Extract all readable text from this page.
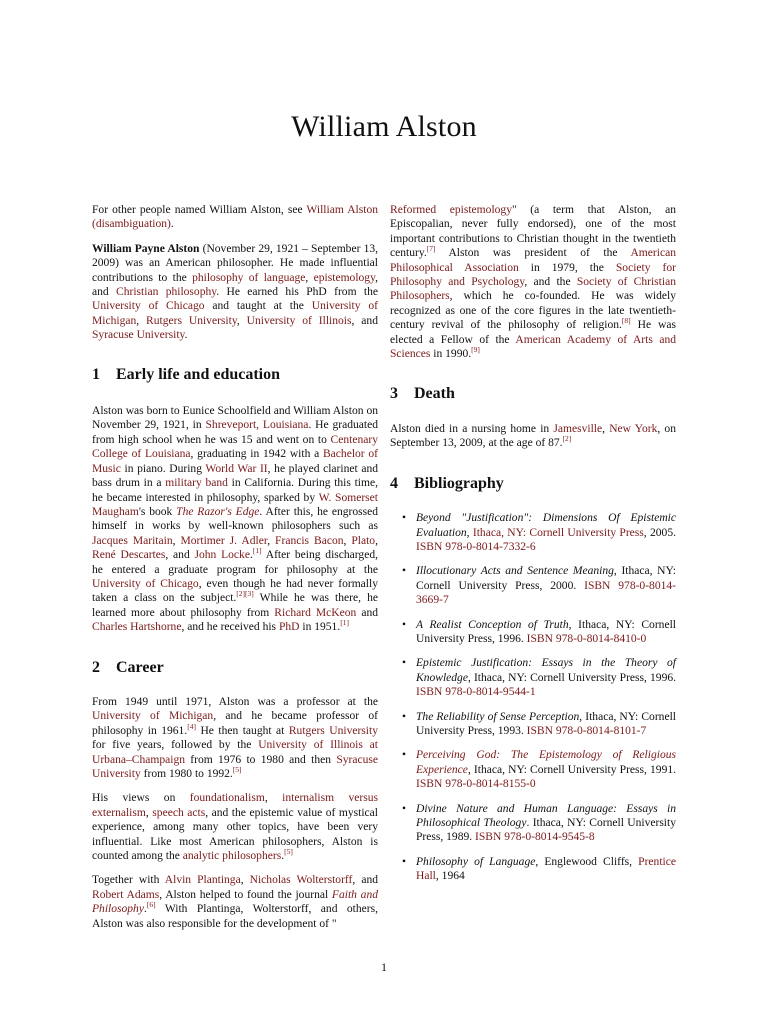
William Alston

For other people named William Alston, see William Alston (disambiguation).

William Payne Alston (November 29, 1921 – September 13, 2009) was an American philosopher. He made influential contributions to the philosophy of language, epistemology, and Christian philosophy. He earned his PhD from the University of Chicago and taught at the University of Michigan, Rutgers University, University of Illinois, and Syracuse University.

1 Early life and education

Alston was born to Eunice Schoolfield and William Alston on November 29, 1921, in Shreveport, Louisiana. He graduated from high school when he was 15 and went on to Centenary College of Louisiana, graduating in 1942 with a Bachelor of Music in piano. During World War II, he played clarinet and bass drum in a military band in California. During this time, he became interested in philosophy, sparked by W. Somerset Maugham's book The Razor's Edge. After this, he engrossed himself in works by well-known philosophers such as Jacques Maritain, Mortimer J. Adler, Francis Bacon, Plato, René Descartes, and John Locke.[1] After being discharged, he entered a graduate program for philosophy at the University of Chicago, even though he had never formally taken a class on the subject.[2][3] While he was there, he learned more about philosophy from Richard McKeon and Charles Hartshorne, and he received his PhD in 1951.[1]

2 Career

From 1949 until 1971, Alston was a professor at the University of Michigan, and he became professor of philosophy in 1961.[4] He then taught at Rutgers University for five years, followed by the University of Illinois at Urbana–Champaign from 1976 to 1980 and then Syracuse University from 1980 to 1992.[5]

His views on foundationalism, internalism versus externalism, speech acts, and the epistemic value of mystical experience, among many other topics, have been very influential. Like most American philosophers, Alston is counted among the analytic philosophers.[5]

Together with Alvin Plantinga, Nicholas Wolterstorff, and Robert Adams, Alston helped to found the journal Faith and Philosophy.[6] With Plantinga, Wolterstorff, and others, Alston was also responsible for the development of "

Reformed epistemology" (a term that Alston, an Episcopalian, never fully endorsed), one of the most important contributions to Christian thought in the twentieth century.[7] Alston was president of the American Philosophical Association in 1979, the Society for Philosophy and Psychology, and the Society of Christian Philosophers, which he co-founded. He was widely recognized as one of the core figures in the late twentieth-century revival of the philosophy of religion.[8] He was elected a Fellow of the American Academy of Arts and Sciences in 1990.[9]

3 Death

Alston died in a nursing home in Jamesville, New York, on September 13, 2009, at the age of 87.[2]

4 Bibliography
• Beyond "Justification": Dimensions Of Epistemic Evaluation, Ithaca, NY: Cornell University Press, 2005. ISBN 978-0-8014-7332-6
• Illocutionary Acts and Sentence Meaning, Ithaca, NY: Cornell University Press, 2000. ISBN 978-0-8014-3669-7
• A Realist Conception of Truth, Ithaca, NY: Cornell University Press, 1996. ISBN 978-0-8014-8410-0
• Epistemic Justification: Essays in the Theory of Knowledge, Ithaca, NY: Cornell University Press, 1996. ISBN 978-0-8014-9544-1
• The Reliability of Sense Perception, Ithaca, NY: Cornell University Press, 1993. ISBN 978-0-8014-8101-7
• Perceiving God: The Epistemology of Religious Experience, Ithaca, NY: Cornell University Press, 1991. ISBN 978-0-8014-8155-0
• Divine Nature and Human Language: Essays in Philosophical Theology. Ithaca, NY: Cornell University Press, 1989. ISBN 978-0-8014-9545-8
• Philosophy of Language, Englewood Cliffs, Prentice Hall, 1964
1
